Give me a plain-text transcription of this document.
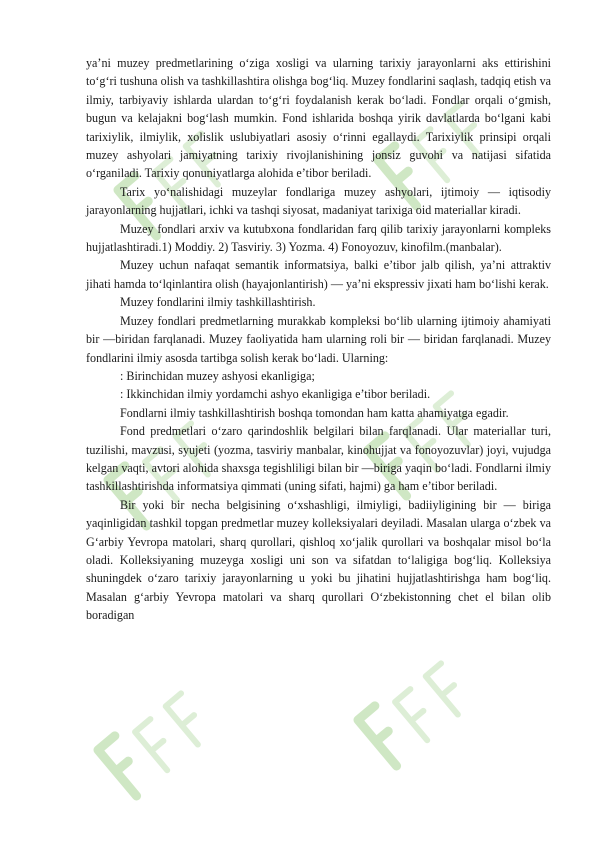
ya’ni muzey predmetlarining o‘ziga xosligi va ularning tarixiy jarayonlarni aks ettirishini to‘g‘ri tushuna olish va tashkillashtira olishga bog‘liq. Muzey fondlarini saqlash, tadqiq etish va ilmiy, tarbiyaviy ishlarda ulardan to‘g‘ri foydalanish kerak bo‘ladi. Fondlar orqali o‘gmish, bugun va kelajakni bog‘lash mumkin. Fond ishlarida boshqa yirik davlatlarda bo‘lgani kabi tarixiylik, ilmiylik, xolislik uslubiyatlari asosiy o‘rinni egallaydi. Tarixiylik prinsipi orqali muzey ashyolari jamiyatning tarixiy rivojlanishining jonsiz guvohi va natijasi sifatida o‘rganiladi. Tarixiy qonuniyatlarga alohida e’tibor beriladi.

Tarix yo‘nalishidagi muzeylar fondlariga muzey ashyolari, ijtimoiy — iqtisodiy jarayonlarning hujjatlari, ichki va tashqi siyosat, madaniyat tarixiga oid materiallar kiradi.

Muzey fondlari arxiv va kutubxona fondlaridan farq qilib tarixiy jarayonlarni kompleks hujjatlashtiradi.1) Moddiy. 2) Tasviriy. 3) Yozma. 4) Fonoyozuv, kinofilm.(manbalar).

Muzey uchun nafaqat semantik informatsiya, balki e’tibor jalb qilish, ya’ni attraktiv jihati hamda to‘lqinlantira olish (hayajonlantirish) — ya’ni ekspressiv jixati ham bo‘lishi kerak.

Muzey fondlarini ilmiy tashkillashtirish.

Muzey fondlari predmetlarning murakkab kompleksi bo‘lib ularning ijtimoiy ahamiyati bir —biridan farqlanadi. Muzey faoliyatida ham ularning roli bir — biridan farqlanadi. Muzey fondlarini ilmiy asosda tartibga solish kerak bo‘ladi. Ularning:

: Birinchidan muzey ashyosi ekanligiga;

: Ikkinchidan ilmiy yordamchi ashyo ekanligiga e’tibor beriladi.

Fondlarni ilmiy tashkillashtirish boshqa tomondan ham katta ahamiyatga egadir.

Fond predmetlari o‘zaro qarindoshlik belgilari bilan farqlanadi. Ular materiallar turi, tuzilishi, mavzusi, syujeti (yozma, tasviriy manbalar, kinohujjat va fonoyozuvlar) joyi, vujudga kelgan vaqti, avtori alohida shaxsga tegishliligi bilan bir —biriga yaqin bo‘ladi. Fondlarni ilmiy tashkillashtirishda informatsiya qimmati (uning sifati, hajmi) ga ham e’tibor beriladi.

Bir yoki bir necha belgisining o‘xshashligi, ilmiyligi, badiiyligining bir — biriga yaqinligidan tashkil topgan predmetlar muzey kolleksiyalari deyiladi. Masalan ularga o‘zbek va G‘arbiy Yevropa matolari, sharq qurollari, qishloq xo‘jalik qurollari va boshqalar misol bo‘la oladi. Kolleksiyaning muzeyga xosligi uni son va sifatdan to‘laligiga bog‘liq. Kolleksiya shuningdek o‘zaro tarixiy jarayonlarning u yoki bu jihatini hujjatlashtirishga ham bog‘liq. Masalan g‘arbiy Yevropa matolari va sharq qurollari O‘zbekistonning chet el bilan olib boradigan
